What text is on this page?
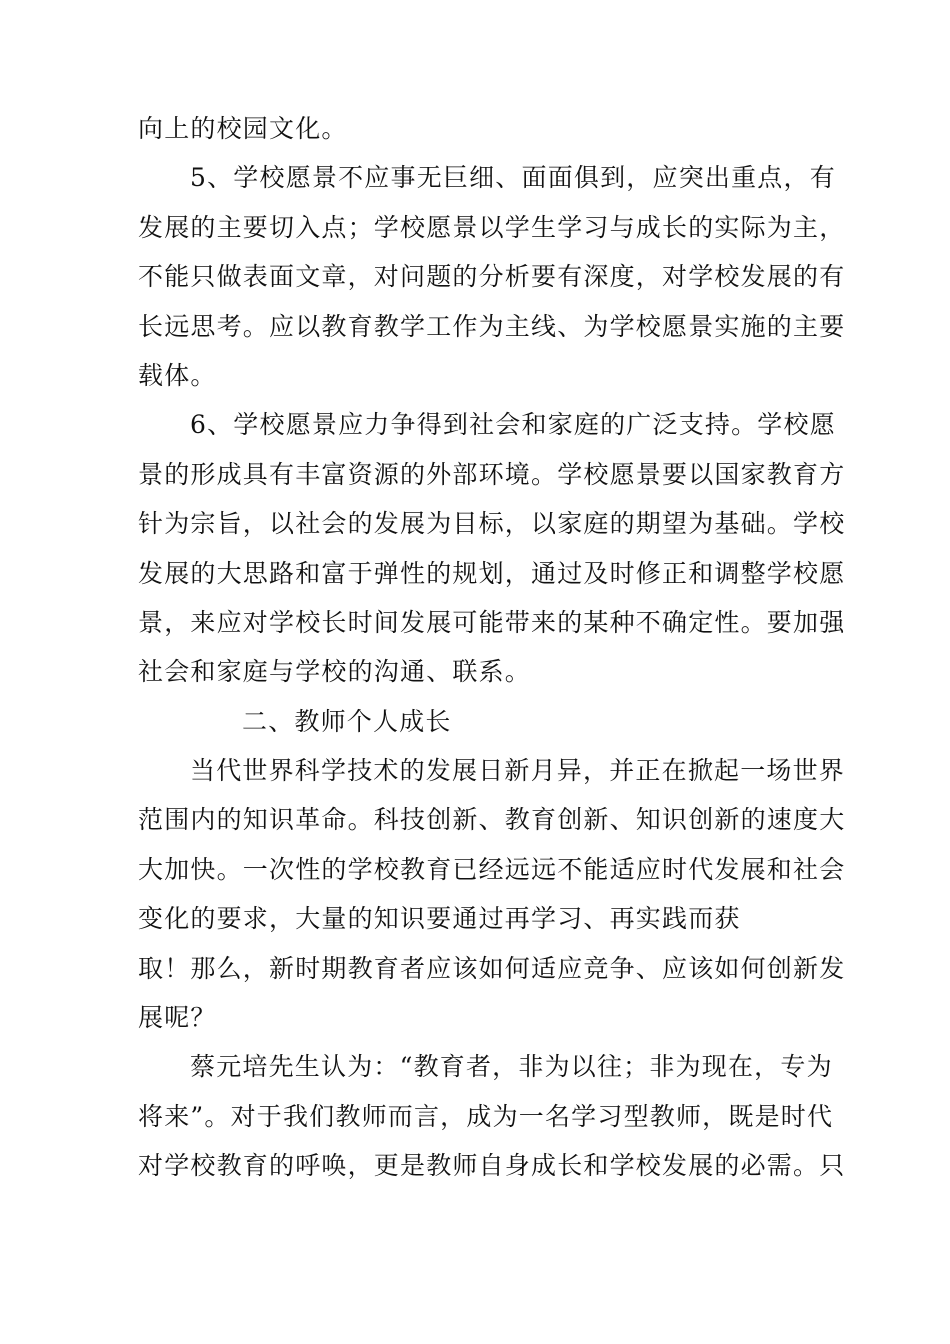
向上的校园文化。
5、学校愿景不应事无巨细、面面俱到，应突出重点，有
发展的主要切入点；学校愿景以学生学习与成长的实际为主，
不能只做表面文章，对问题的分析要有深度，对学校发展的有
长远思考。应以教育教学工作为主线、为学校愿景实施的主要
载体。
6、学校愿景应力争得到社会和家庭的广泛支持。学校愿
景的形成具有丰富资源的外部环境。学校愿景要以国家教育方
针为宗旨，以社会的发展为目标，以家庭的期望为基础。学校
发展的大思路和富于弹性的规划，通过及时修正和调整学校愿
景，来应对学校长时间发展可能带来的某种不确定性。要加强
社会和家庭与学校的沟通、联系。
二、教师个人成长
当代世界科学技术的发展日新月异，并正在掀起一场世界
范围内的知识革命。科技创新、教育创新、知识创新的速度大
大加快。一次性的学校教育已经远远不能适应时代发展和社会
变化的要求，大量的知识要通过再学习、再实践而获
取！那么，新时期教育者应该如何适应竞争、应该如何创新发
展呢？
蔡元培先生认为：“教育者，非为以往；非为现在，专为
将来”。对于我们教师而言，成为一名学习型教师，既是时代
对学校教育的呼唤，更是教师自身成长和学校发展的必需。只
